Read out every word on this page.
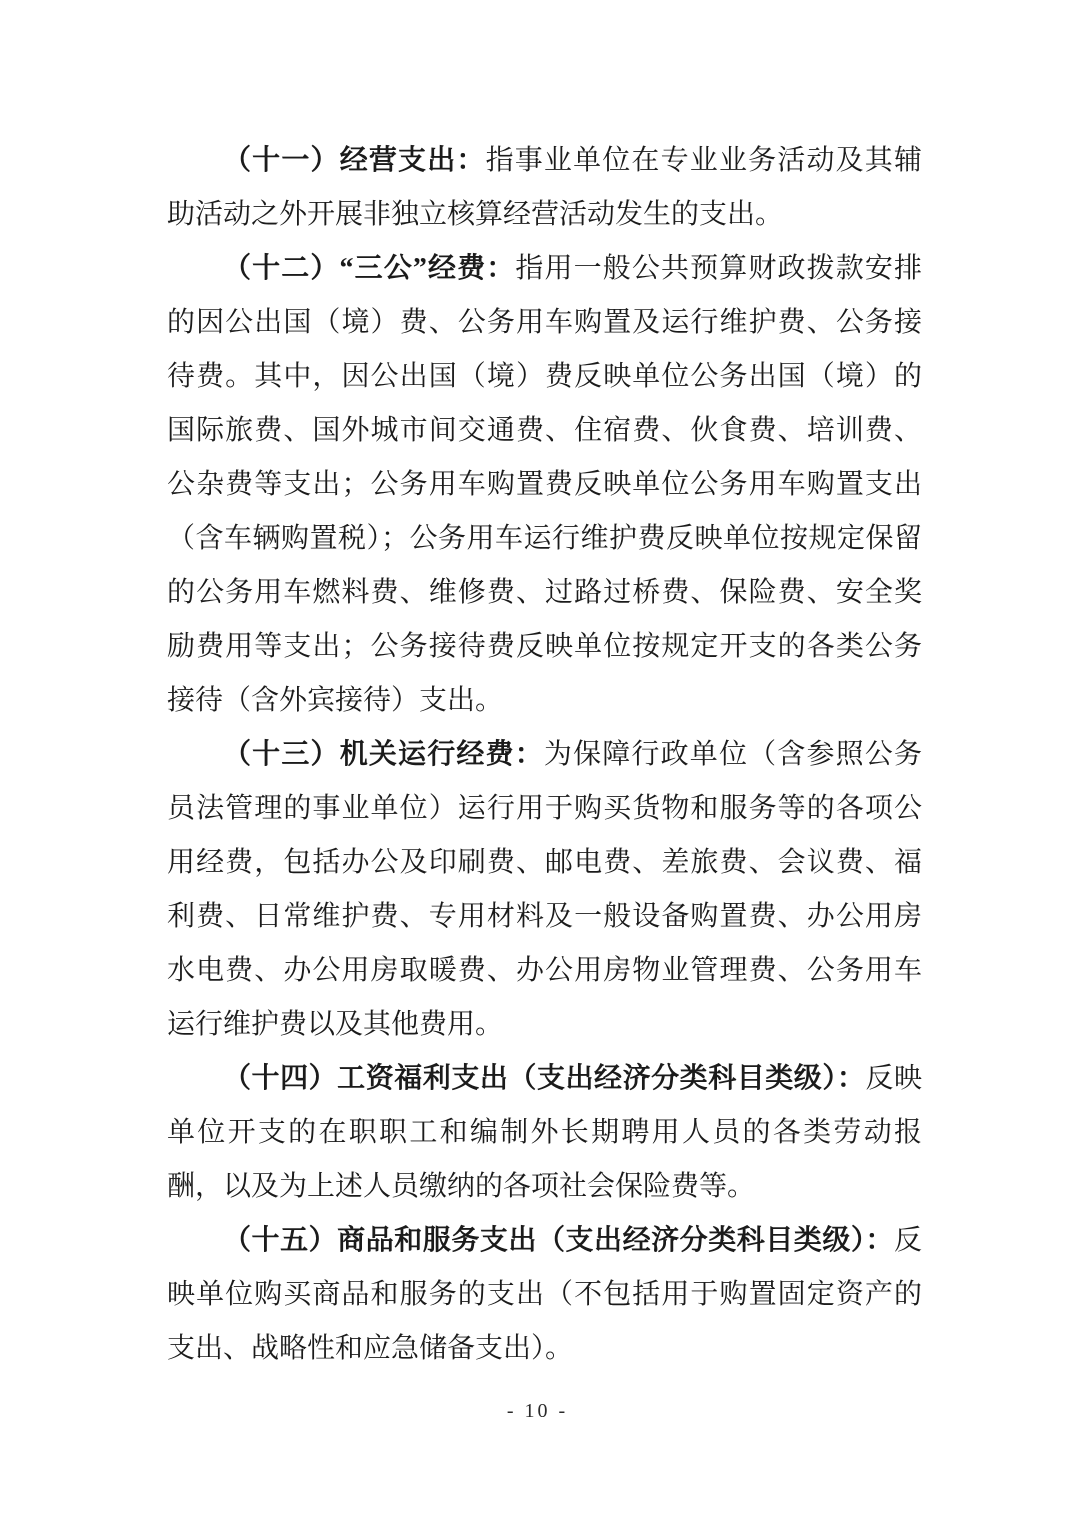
（十一）经营支出：指事业单位在专业业务活动及其辅助活动之外开展非独立核算经营活动发生的支出。

（十二）“三公”经费：指用一般公共预算财政拨款安排的因公出国（境）费、公务用车购置及运行维护费、公务接待费。其中，因公出国（境）费反映单位公务出国（境）的国际旅费、国外城市间交通费、住宿费、伙食费、培训费、公杂费等支出；公务用车购置费反映单位公务用车购置支出（含车辆购置税）；公务用车运行维护费反映单位按规定保留的公务用车燃料费、维修费、过路过桥费、保险费、安全奖励费用等支出；公务接待费反映单位按规定开支的各类公务接待（含外宾接待）支出。

（十三）机关运行经费：为保障行政单位（含参照公务员法管理的事业单位）运行用于购买货物和服务等的各项公用经费，包括办公及印刷费、邮电费、差旅费、会议费、福利费、日常维护费、专用材料及一般设备购置费、办公用房水电费、办公用房取暖费、办公用房物业管理费、公务用车运行维护费以及其他费用。

（十四）工资福利支出（支出经济分类科目类级）：反映单位开支的在职职工和编制外长期聘用人员的各类劳动报酬，以及为上述人员缴纳的各项社会保险费等。

（十五）商品和服务支出（支出经济分类科目类级）：反映单位购买商品和服务的支出（不包括用于购置固定资产的支出、战略性和应急储备支出）。

- 10 -
